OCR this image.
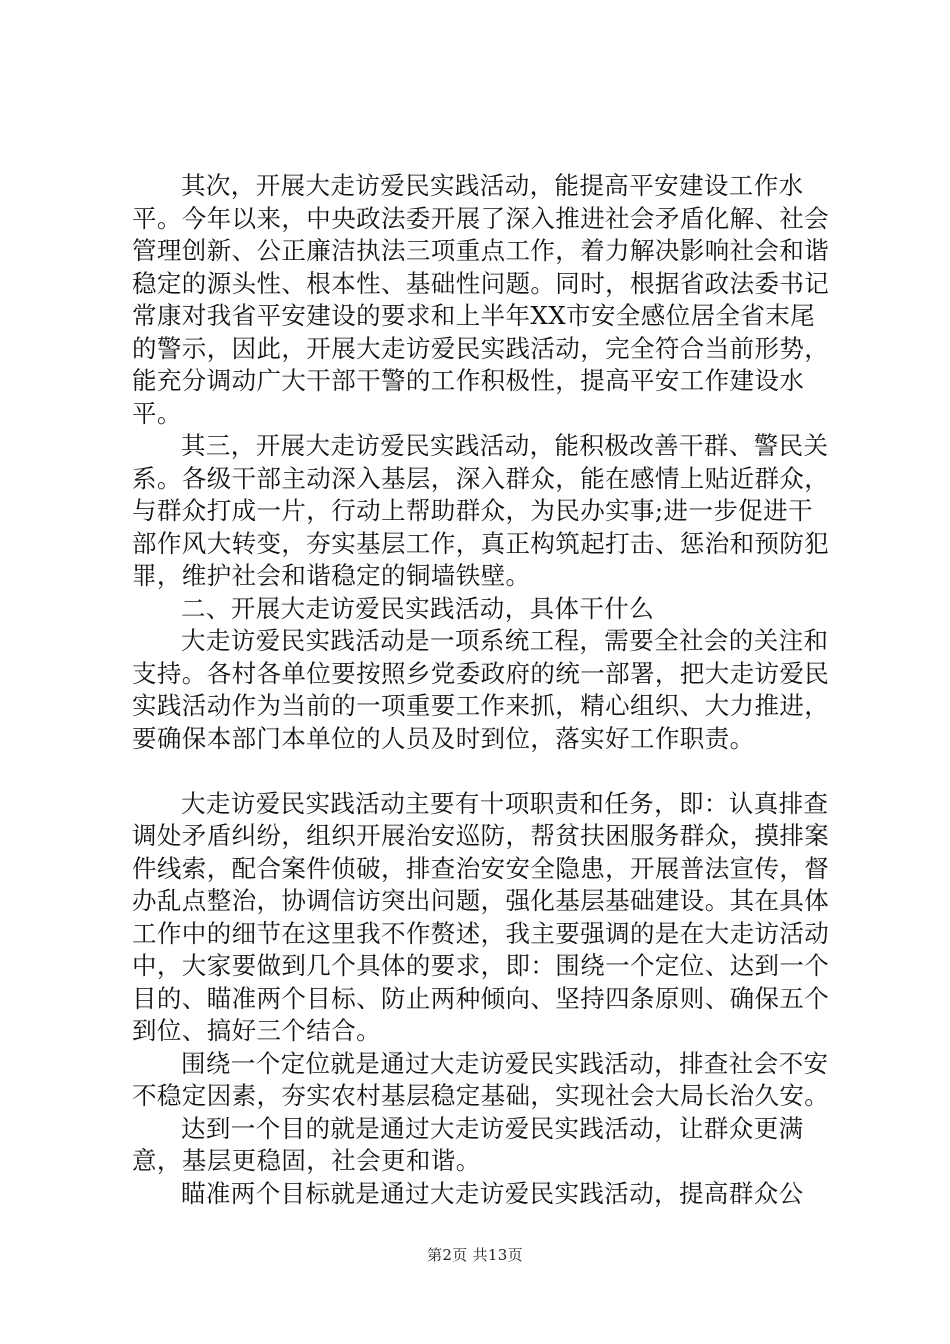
其次，开展大走访爱民实践活动，能提高平安建设工作水平。今年以来，中央政法委开展了深入推进社会矛盾化解、社会管理创新、公正廉洁执法三项重点工作，着力解决影响社会和谐稳定的源头性、根本性、基础性问题。同时，根据省政法委书记常康对我省平安建设的要求和上半年XX市安全感位居全省末尾的警示，因此，开展大走访爱民实践活动，完全符合当前形势，能充分调动广大干部干警的工作积极性，提高平安工作建设水平。

其三，开展大走访爱民实践活动，能积极改善干群、警民关系。各级干部主动深入基层，深入群众，能在感情上贴近群众，与群众打成一片，行动上帮助群众，为民办实事;进一步促进干部作风大转变，夯实基层工作，真正构筑起打击、惩治和预防犯罪，维护社会和谐稳定的铜墙铁壁。

二、开展大走访爱民实践活动，具体干什么

大走访爱民实践活动是一项系统工程，需要全社会的关注和支持。各村各单位要按照乡党委政府的统一部署，把大走访爱民实践活动作为当前的一项重要工作来抓，精心组织、大力推进，要确保本部门本单位的人员及时到位，落实好工作职责。

大走访爱民实践活动主要有十项职责和任务，即：认真排查调处矛盾纠纷，组织开展治安巡防，帮贫扶困服务群众，摸排案件线索，配合案件侦破，排查治安安全隐患，开展普法宣传，督办乱点整治，协调信访突出问题，强化基层基础建设。其在具体工作中的细节在这里我不作赘述，我主要强调的是在大走访活动中，大家要做到几个具体的要求，即：围绕一个定位、达到一个目的、瞄准两个目标、防止两种倾向、坚持四条原则、确保五个到位、搞好三个结合。

围绕一个定位就是通过大走访爱民实践活动，排查社会不安不稳定因素，夯实农村基层稳定基础，实现社会大局长治久安。

达到一个目的就是通过大走访爱民实践活动，让群众更满意，基层更稳固，社会更和谐。

瞄准两个目标就是通过大走访爱民实践活动，提高群众公

第2页 共13页
